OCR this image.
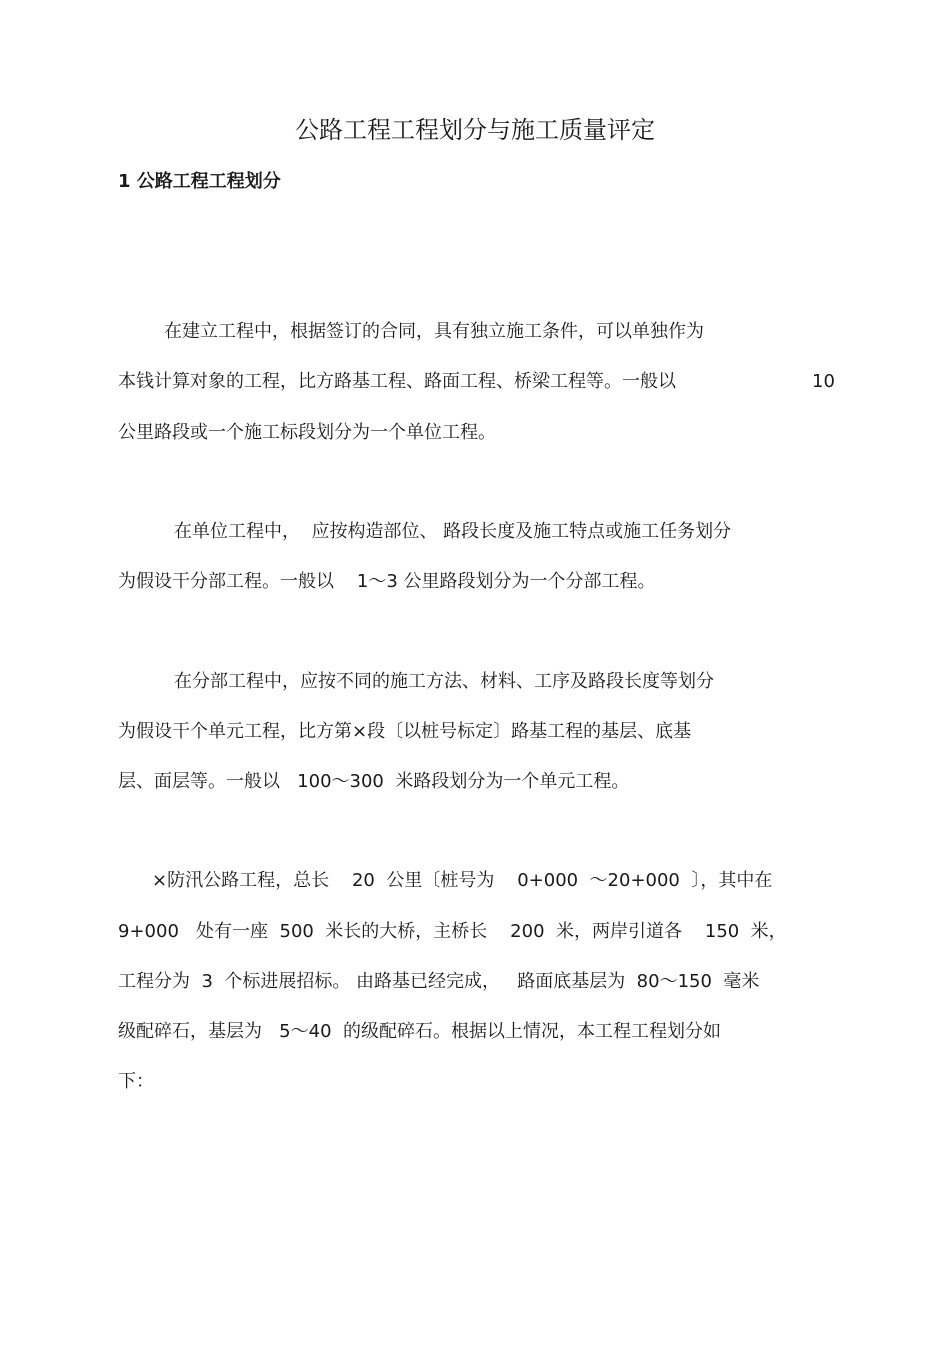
公路工程工程划分与施工质量评定
1 公路工程工程划分

在建立工程中，根据签订的合同，具有独立施工条件，可以单独作为

本钱计算对象的工程，比方路基工程、路面工程、桥梁工程等。一般以	10

公里路段或一个施工标段划分为一个单位工程。

在单位工程中，  应按构造部位、 路段长度及施工特点或施工任务划分

为假设干分部工程。一般以    1～3 公里路段划分为一个分部工程。

在分部工程中，应按不同的施工方法、材料、工序及路段长度等划分

为假设干个单元工程，比方第×段〔以桩号标定〕路基工程的基层、底基

层、面层等。一般以   100～300  米路段划分为一个单元工程。

×防汛公路工程，总长    20  公里〔桩号为    0+000  ～20+000  〕，其中在

9+000   处有一座  500  米长的大桥，主桥长    200  米，两岸引道各    150  米，

工程分为  3  个标进展招标。 由路基已经完成，   路面底基层为  80～150  毫米

级配碎石，基层为   5～40  的级配碎石。根据以上情况，本工程工程划分如

下：
